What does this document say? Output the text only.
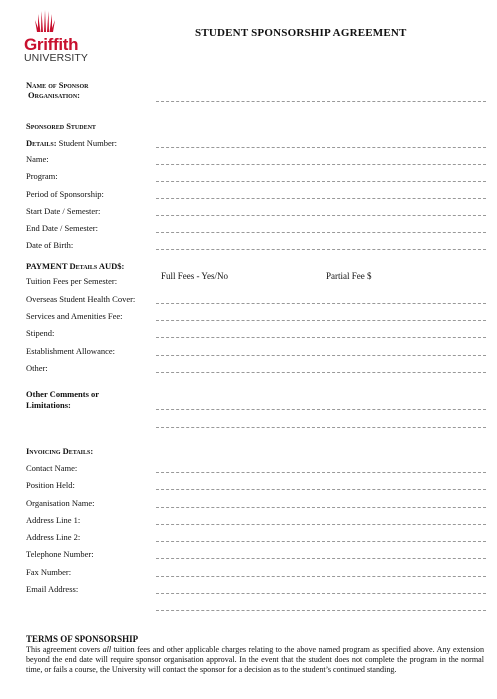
Griffith
UNIVERSITY
STUDENT SPONSORSHIP AGREEMENT
Name of Sponsor
Organisation:
Sponsored Student
Details: Student Number:
Name:
Program:
Period of Sponsorship:
Start Date / Semester:
End Date / Semester:
Date of Birth:
PAYMENT Details AUD$:
Tuition Fees per Semester:	Full Fees - Yes/No	Partial Fee $
Overseas Student Health Cover:
Services and Amenities Fee:
Stipend:
Establishment Allowance:
Other:
Other Comments or
Limitations:
Invoicing Details:
Contact Name:
Position Held:
Organisation Name:
Address Line 1:
Address Line 2:
Telephone Number:
Fax Number:
Email Address:
TERMS OF SPONSORSHIP
This agreement covers all tuition fees and other applicable charges relating to the above named program as specified above. Any extension beyond the end date will require sponsor organisation approval. In the event that the student does not complete the program in the normal time, or fails a course, the University will contact the sponsor for a decision as to the student’s continued standing.
